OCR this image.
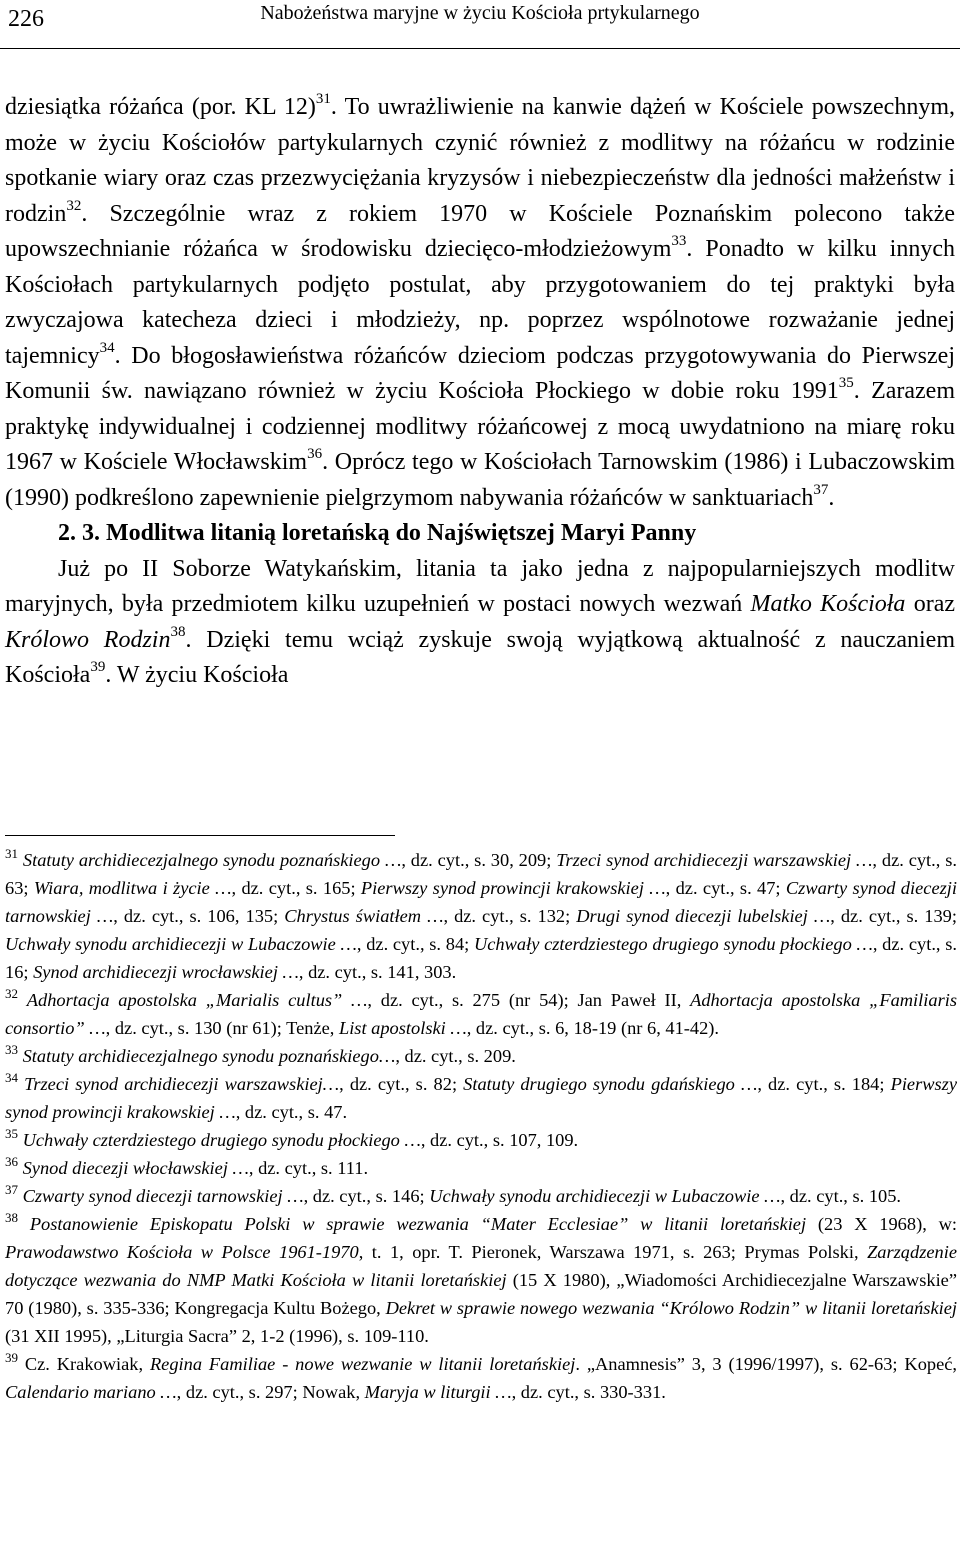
226	Nabożeństwa maryjne w życiu Kościoła prtykularnego

dziesiątka różańca (por. KL 12)$^{31}$. To uwrażliwienie na kanwie dążeń w Kościele powszechnym, może w życiu Kościołów partykularnych czynić również z modlitwy na różańcu w rodzinie spotkanie wiary oraz czas przezwyciężania kryzysów i niebezpieczeństw dla jedności małżeństw i rodzin$^{32}$. Szczególnie wraz z rokiem 1970 w Kościele Poznańskim polecono także upowszechnianie różańca w środowisku dziecięco-młodzieżowym$^{33}$. Ponadto w kilku innych Kościołach partykularnych podjęto postulat, aby przygotowaniem do tej praktyki była zwyczajowa katecheza dzieci i młodzieży, np. poprzez wspólnotowe rozważanie jednej tajemnicy$^{34}$. Do błogosławieństwa różańców dzieciom podczas przygotowywania do Pierwszej Komunii św. nawiązano również w życiu Kościoła Płockiego w dobie roku 1991$^{35}$. Zarazem praktykę indywidualnej i codziennej modlitwy różańcowej z mocą uwydatniono na miarę roku 1967 w Kościele Włocławskim$^{36}$. Oprócz tego w Kościołach Tarnowskim (1986) i Lubaczowskim (1990) podkreślono zapewnienie pielgrzymom nabywania różańców w sanktuariach$^{37}$.

2. 3. Modlitwa litanią loretańską do Najświętszej Maryi Panny

Już po II Soborze Watykańskim, litania ta jako jedna z najpopularniejszych modlitw maryjnych, była przedmiotem kilku uzupełnień w postaci nowych wezwań Matko Kościoła oraz Królowo Rodzin$^{38}$. Dzięki temu wciąż zyskuje swoją wyjątkową aktualność z nauczaniem Kościoła$^{39}$. W życiu Kościoła

$^{31}$ Statuty archidiecezjalnego synodu poznańskiego …, dz. cyt., s. 30, 209; Trzeci synod archidiecezji warszawskiej …, dz. cyt., s. 63; Wiara, modlitwa i życie …, dz. cyt., s. 165; Pierwszy synod prowincji krakowskiej …, dz. cyt., s. 47; Czwarty synod diecezji tarnowskiej …, dz. cyt., s. 106, 135; Chrystus światłem …, dz. cyt., s. 132; Drugi synod diecezji lubelskiej …, dz. cyt., s. 139; Uchwały synodu archidiecezji w Lubaczowie …, dz. cyt., s. 84; Uchwały czterdziestego drugiego synodu płockiego …, dz. cyt., s. 16; Synod archidiecezji wrocławskiej …, dz. cyt., s. 141, 303.

$^{32}$ Adhortacja apostolska „Marialis cultus” …, dz. cyt., s. 275 (nr 54); Jan Paweł II, Adhortacja apostolska „Familiaris consortio” …, dz. cyt., s. 130 (nr 61); Tenże, List apostolski …, dz. cyt., s. 6, 18-19 (nr 6, 41-42).

$^{33}$ Statuty archidiecezjalnego synodu poznańskiego…, dz. cyt., s. 209.

$^{34}$ Trzeci synod archidiecezji warszawskiej…, dz. cyt., s. 82; Statuty drugiego synodu gdańskiego …, dz. cyt., s. 184; Pierwszy synod prowincji krakowskiej …, dz. cyt., s. 47.

$^{35}$ Uchwały czterdziestego drugiego synodu płockiego …, dz. cyt., s. 107, 109.

$^{36}$ Synod diecezji włocławskiej …, dz. cyt., s. 111.

$^{37}$ Czwarty synod diecezji tarnowskiej …, dz. cyt., s. 146; Uchwały synodu archidiecezji w Lubaczowie …, dz. cyt., s. 105.

$^{38}$ Postanowienie Episkopatu Polski w sprawie wezwania “Mater Ecclesiae” w litanii loretańskiej (23 X 1968), w: Prawodawstwo Kościoła w Polsce 1961-1970, t. 1, opr. T. Pieronek, Warszawa 1971, s. 263; Prymas Polski, Zarządzenie dotyczące wezwania do NMP Matki Kościoła w litanii loretańskiej (15 X 1980), „Wiadomości Archidiecezjalne Warszawskie” 70 (1980), s. 335-336; Kongregacja Kultu Bożego, Dekret w sprawie nowego wezwania “Królowo Rodzin” w litanii loretańskiej (31 XII 1995), „Liturgia Sacra” 2, 1-2 (1996), s. 109-110.

$^{39}$ Cz. Krakowiak, Regina Familiae - nowe wezwanie w litanii loretańskiej. „Anamnesis” 3, 3 (1996/1997), s. 62-63; Kopeć, Calendario mariano …, dz. cyt., s. 297; Nowak, Maryja w liturgii …, dz. cyt., s. 330-331.
